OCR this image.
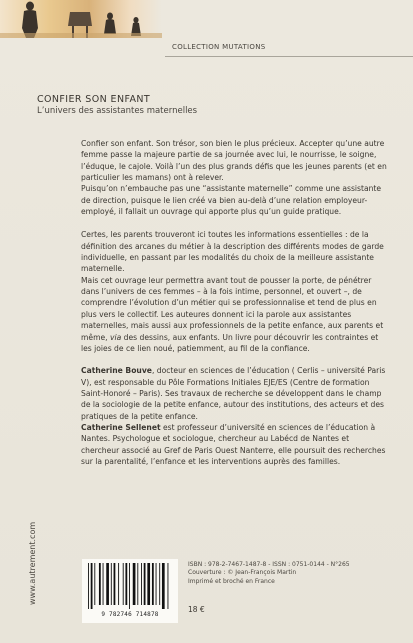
COLLECTION MUTATIONS
CONFIER SON ENFANT
L’univers des assistantes maternelles

Confier son enfant. Son trésor, son bien le plus précieux. Accepter qu’une autre femme passe la majeure partie de sa journée avec lui, le nourrisse, le soigne, l’éduque, le cajole. Voilà l’un des plus grands défis que les jeunes parents (et en particulier les mamans) ont à relever.

Puisqu’on n’embauche pas une “assistante maternelle” comme une assistante de direction, puisque le lien créé va bien au-delà d’une relation employeur-employé, il fallait un ouvrage qui apporte plus qu’un guide pratique.

Certes, les parents trouveront ici toutes les informations essentielles : de la définition des arcanes du métier à la description des différents modes de garde individuelle, en passant par les modalités du choix de la meilleure assistante maternelle.

Mais cet ouvrage leur permettra avant tout de pousser la porte, de pénétrer dans l’univers de ces femmes – à la fois intime, personnel, et ouvert –, de comprendre l’évolution d’un métier qui se professionnalise et tend de plus en plus vers le collectif. Les auteures donnent ici la parole aux assistantes maternelles, mais aussi aux professionnels de la petite enfance, aux parents et même, via des dessins, aux enfants. Un livre pour découvrir les contraintes et les joies de ce lien noué, patiemment, au fil de la confiance.

Catherine Bouve, docteur en sciences de l’éducation ( Cerlis – université Paris V), est responsable du Pôle Formations Initiales EJE/ES (Centre de formation Saint-Honoré – Paris). Ses travaux de recherche se développent dans le champ de la sociologie de la petite enfance, autour des institutions, des acteurs et des pratiques de la petite enfance.

Catherine Sellenet est professeur d’université en sciences de l’éducation à Nantes. Psychologue et sociologue, chercheur au Labécd de Nantes et chercheur associé au Gref de Paris Ouest Nanterre, elle poursuit des recherches sur la parentalité, l’enfance et les interventions auprès des familles.

www.autrement.com
9 782746 714878
ISBN : 978-2-7467-1487-8 - ISSN : 0751-0144 - N°265
Couverture : © Jean-François Martin
Imprimé et broché en France
18 €
